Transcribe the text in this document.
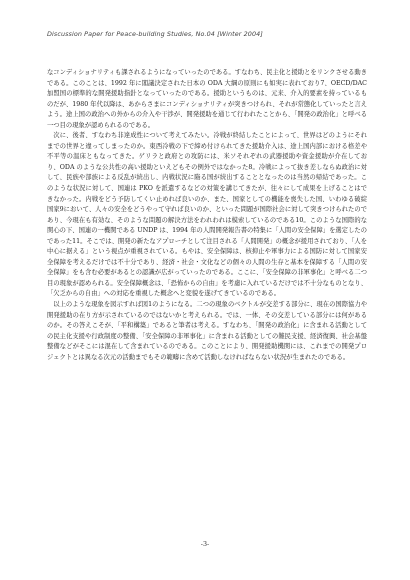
Discussion Paper for Peace-building Studies, No.04 [Winter 2004]

なコンディショナリティも課されるようになっていったのである。すなわち、民主化と援助とをリンクさせる動きである。このことは、1992 年に閣議決定された日本の ODA 大綱の原則にも如実に表れており7、OECD/DAC 加盟国の標準的な開発援助指針となっていったのである。援助というものは、元来、介入的要素を持っているものだが、1980 年代以降は、あからさまにコンディショナリティが突きつけられ、それが常態化していったと言えよう。途上国の政治への外からの介入や干渉が、開発援助を通じて行われたことから、「開発の政治化」と呼べる一つ目の現象が認められるのである。

次に、後者、すなわち非達成性について考えてみたい。冷戦が終結したことによって、世界はどのようにそれまでの世界と違ってしまったのか。東西冷戦の下で締め付けられてきた援助介入は、途上国内部における格差や不平等の温床ともなってきた。ゲリラと政府との攻防には、米ソそれぞれの武器援助や資金援助が介在しており、ODA のような公共性の高い援助といえどもその例外ではなかった8。冷戦によって抜き差しならぬ政治に対して、民族や部族による反乱が続出し、内戦状況に陥る国が続出することとなったのは当然の帰結であった。このような状況に対して、国連は PKO を派遣するなどの対策を講じてきたが、往々にして成果を上げることはできなかった。内戦をどう予防してくい止めれば良いのか、また、国家としての機能を喪失した国、いわゆる破綻国家9において、人々の安全をどうやって守れば良いのか、といった問題が国際社会に対して突きつけられたのであり、今現在も有効な、そのような問題の解決方法をわれわれは模索しているのである10。このような国際的な関心の下、国連の一機関である UNDP は、1994 年の人間開発報告書の特集に「人間の安全保障」を選定したのであった11。そこでは、開発の新たなアプローチとして注目される「人間開発」の概念が援用されており、「人を中心に据える」という視点が重視されている。もやは、安全保障は、核抑止や軍事力による国防に対して国家安全保障を考えるだけでは不十分であり、経済・社会・文化などの個々の人間の生存と基本を保障する「人間の安全保障」をも含む必要があるとの認識が広がっていったのである。ここに、「安全保障の非軍事化」と呼べる二つ目の現象が認められる。安全保障概念は、「恐怖からの自由」を考慮に入れているだけでは不十分なものとなり、「欠乏からの自由」への対応を重視した概念へと変貌を遂げてきているのである。

以上のような現象を図示すれば図1のようになる。二つの現象のベクトルが交差する部分に、現在の国際協力や開発援助の在り方が示されているのではないかと考えられる。では、一体、その交差している部分には何があるのか。その答えこそが、「平和構築」であると筆者は考える。すなわち、「開発の政治化」に含まれる活動としての民主化支援や行政制度の整備、「安全保障の非軍事化」に含まれる活動としての難民支援、経済復興、社会基盤整備などがそこには混在して含まれているのである。このことにより、開発援助機関には、これまでの開発プロジェクトとは異なる次元の活動までもその範疇に含めて活動しなければならない状況が生まれたのである。

-3-
